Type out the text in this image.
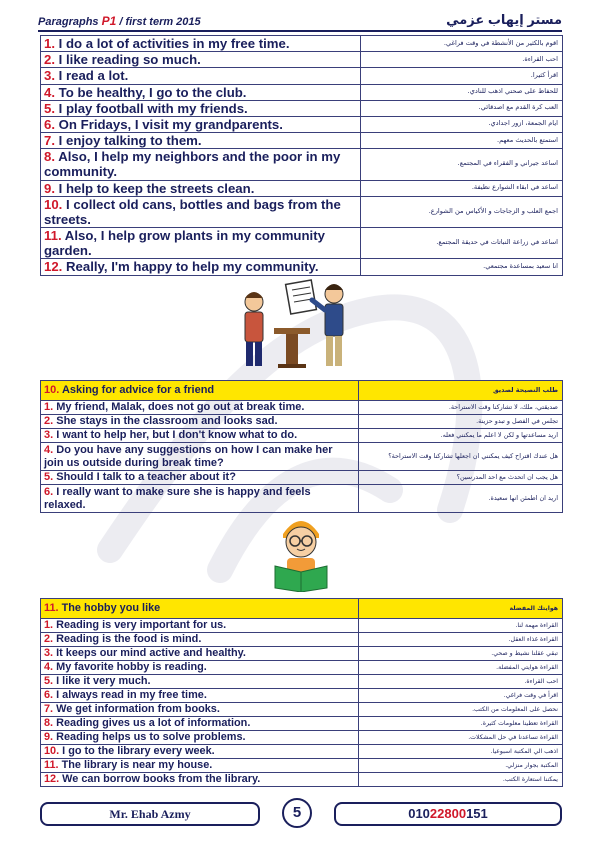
Paragraphs P1 / first term 2015	مستر إيهاب عزمي
1. I do a lot of activities in my free time.	اقوم بالكثير من الأنشطة في وقت فراغي.
2. I like reading so much.	احب القراءة.
3. I read a lot.	اقرأ كثيرا.
4. To be healthy, I go to the club.	للحفاظ على صحتي اذهب للنادي.
5. I play football with my friends.	العب كرة القدم مع اصدقائي.
6. On Fridays, I visit my grandparents.	ايام الجمعة، ازور اجدادي.
7. I enjoy talking to them.	استمتع بالحديث معهم.
8. Also, I help my neighbors and the poor in my community.	اساعد جيراني و الفقراء في المجتمع.
9. I help to keep the streets clean.	اساعد في ابقاء الشوارع نظيفة.
10. I collect old cans, bottles and bags from the streets.	اجمع العلب و الزجاجات و الأكياس من الشوارع.
11. Also, I help grow plants in my community garden.	اساعد في زراعة النباتات في حديقة المجتمع.
12. Really, I'm happy to help my community.	انا سعيد بمساعدة مجتمعي.
10. Asking for advice for a friend	طلب النصيحة لصديق
1. My friend, Malak, does not go out at break time.	صديقتي، ملك، لا تشاركنا وقت الاستراحة.
2. She stays in the classroom and looks sad.	تجلس في الفصل و تبدو حزينة.
3. I want to help her, but I don't know what to do.	اريد مساعدتها و لكن لا اعلم ما يمكنني فعله.
4. Do you have any suggestions on how I can make her join us outside during break time?	هل عندك اقتراح كيف يمكنني ان اجعلها تشاركنا وقت الاستراحة؟
5. Should I talk to a teacher about it?	هل يجب ان اتحدث مع احد المدرسين؟
6. I really want to make sure she is happy and feels relaxed.	اريد ان اطمئن انها سعيدة.
11. The hobby you like	هوايتك المفضلة
1. Reading is very important for us.	القراءة مهمة لنا.
2. Reading is the food is mind.	القراءة غذاء العقل.
3. It keeps our mind active and healthy.	تبقي عقلنا نشيط و صحي.
4. My favorite hobby is reading.	القراءة هوايتي المفضلة.
5. I like it very much.	احب القراءة.
6. I always read in my free time.	اقرأ في وقت فراغي.
7. We get information from books.	نحصل على المعلومات من الكتب.
8. Reading gives us a lot of information.	القراءة تعطينا معلومات كثيرة.
9. Reading helps us to solve problems.	القراءة تساعدنا في حل المشكلات.
10. I go to the library every week.	اذهب الي المكتبة اسبوعيا.
11. The library is near my house.	المكتبة بجوار منزلي.
12. We can borrow books from the library.	يمكننا استعارة الكتب.
Mr. Ehab Azmy	5	01022800151
